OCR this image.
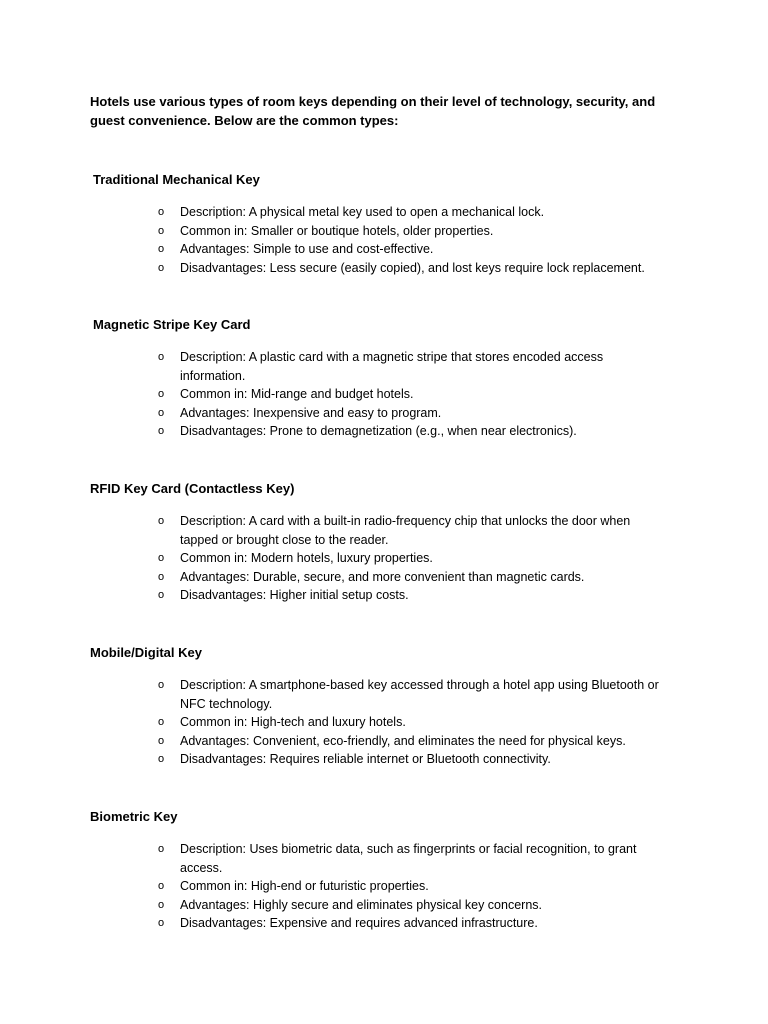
Hotels use various types of room keys depending on their level of technology, security, and guest convenience. Below are the common types:
Traditional Mechanical Key
o Description: A physical metal key used to open a mechanical lock.
o Common in: Smaller or boutique hotels, older properties.
o Advantages: Simple to use and cost-effective.
o Disadvantages: Less secure (easily copied), and lost keys require lock replacement.
Magnetic Stripe Key Card
o Description: A plastic card with a magnetic stripe that stores encoded access information.
o Common in: Mid-range and budget hotels.
o Advantages: Inexpensive and easy to program.
o Disadvantages: Prone to demagnetization (e.g., when near electronics).
RFID Key Card (Contactless Key)
o Description: A card with a built-in radio-frequency chip that unlocks the door when tapped or brought close to the reader.
o Common in: Modern hotels, luxury properties.
o Advantages: Durable, secure, and more convenient than magnetic cards.
o Disadvantages: Higher initial setup costs.
Mobile/Digital Key
o Description: A smartphone-based key accessed through a hotel app using Bluetooth or NFC technology.
o Common in: High-tech and luxury hotels.
o Advantages: Convenient, eco-friendly, and eliminates the need for physical keys.
o Disadvantages: Requires reliable internet or Bluetooth connectivity.
Biometric Key
o Description: Uses biometric data, such as fingerprints or facial recognition, to grant access.
o Common in: High-end or futuristic properties.
o Advantages: Highly secure and eliminates physical key concerns.
o Disadvantages: Expensive and requires advanced infrastructure.
